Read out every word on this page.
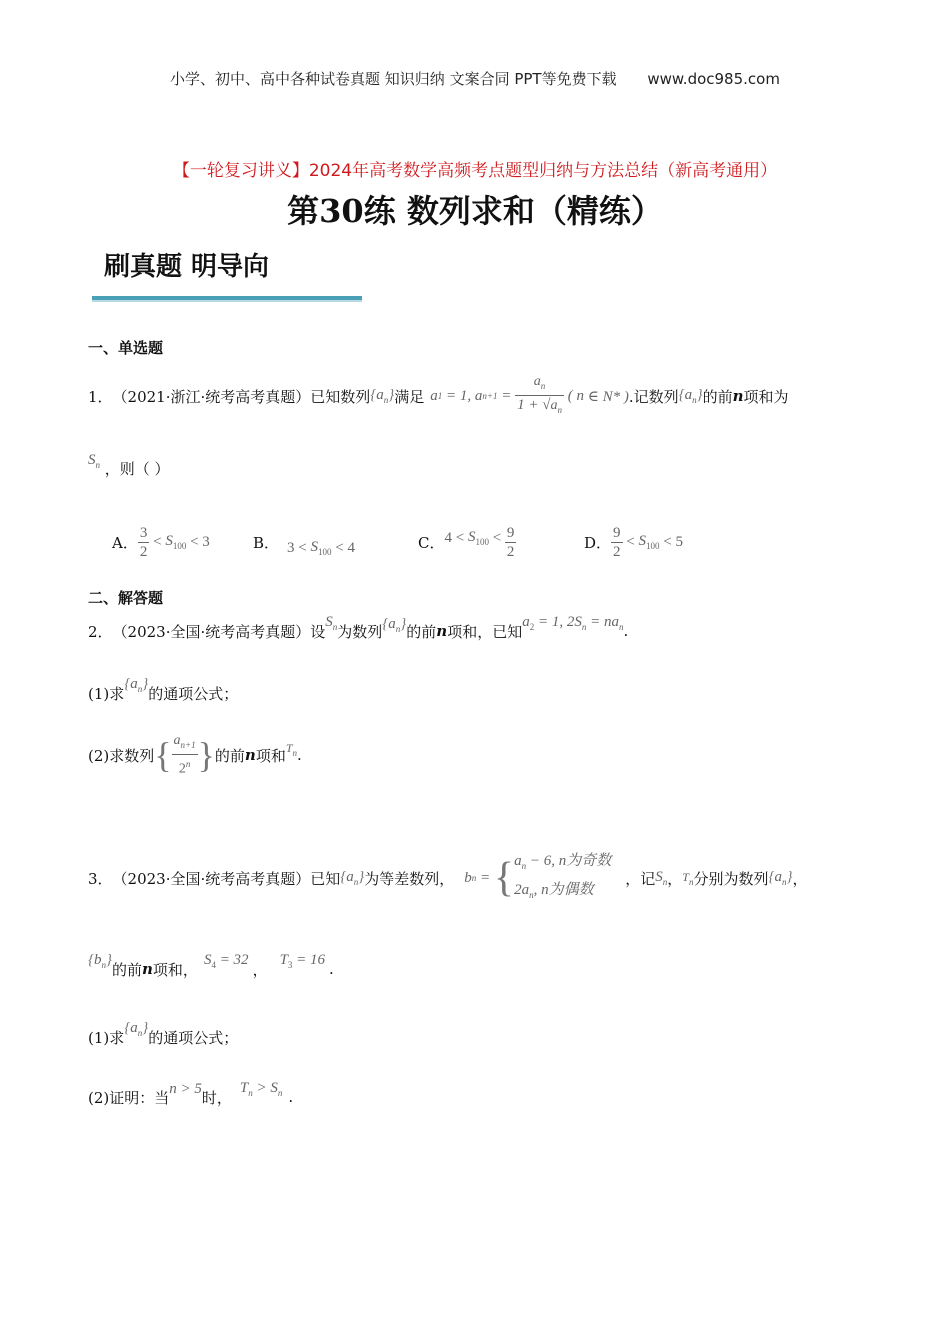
小学、初中、高中各种试卷真题 知识归纳 文案合同 PPT等免费下载 www.doc985.com
【一轮复习讲义】2024年高考数学高频考点题型归纳与方法总结（新高考通用）
第30练 数列求和（精练）
刷真题 明导向
一、单选题
1． （2021·浙江·统考高考真题）已知数列 $\{a_n\}$ 满足 a 1 = 1, a $n+1 = \frac{a_n}{1 + √a_n}$ ( n ∈ N* ) .记数列 $\{a_n\}$ 的前 n 项和为
$S_n$ ，则（ ）
A． $\frac{3}{2} < S_{100} < 3$	B． $3 < S_{100} < 4$	C． $4 < S_{100} < \frac{9}{2}$	D． $\frac{9}{2} < S_{100} < 5$
二、解答题
2． （2023·全国·统考高考真题）设
$S_n$ 为数列 $\{a_n\}$ 的前 n 项和，已知
$a_2 = 1$, $2S_n = na_n$ .
(1)求
$\{a_n\}$
的通项公式；
(2)求数列 { $\frac{a_{n+1}}{2^n}$ } 的前 n 项和 $T_n$ .
3． （2023·全国·统考高考真题）已知 $\{a_n\}$ 为等差数列， b n = { $a_n - 6$, n为奇数
$2a_n$, n为偶数
，记 $S_n$ ， $T_n$ 分别为数列 $\{a_n\}$ ，
$\{b_n\}$
的前 n 项和，
$S_4 = 32$
，
$T_3 = 16$ .
(1)求
$\{a_n\}$
的通项公式；
(2)证明：当 n > 5 时，
$T_n > S_n$ .
